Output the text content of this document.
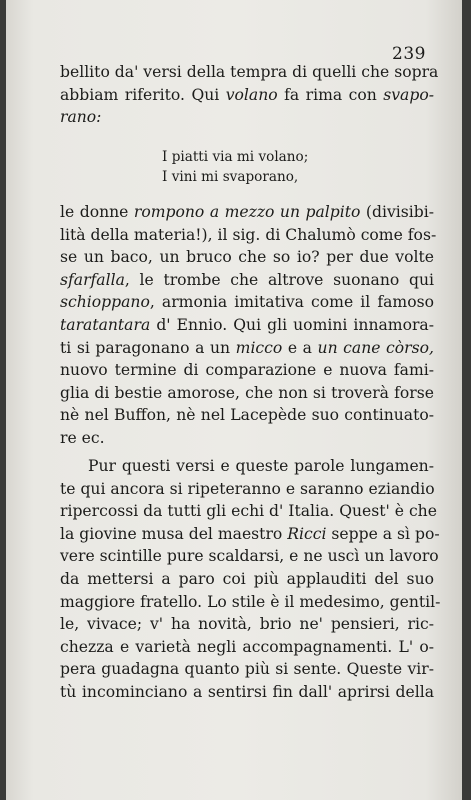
239
bellito da' versi della tempra di quelli che sopra
abbiam riferito. Qui volano fa rima con svapo-
rano:
I piatti via mi volano;
I vini mi svaporano,
le donne rompono a mezzo un palpito (divisibi-
lità della materia!), il sig. di Chalumò come fos-
se un baco, un bruco che so io? per due volte
sfarfalla, le trombe che altrove suonano qui
schioppano, armonia imitativa come il famoso
taratantara d' Ennio. Qui gli uomini innamora-
ti si paragonano a un micco e a un cane còrso,
nuovo termine di comparazione e nuova fami-
glia di bestie amorose, che non si troverà forse
nè nel Buffon, nè nel Lacepède suo continuato-
re ec.
Pur questi versi e queste parole lungamen-
te qui ancora si ripeteranno e saranno eziandio
ripercossi da tutti gli echi d' Italia. Quest' è che
la giovine musa del maestro Ricci seppe a sì po-
vere scintille pure scaldarsi, e ne uscì un lavoro
da mettersi a paro coi più applauditi del suo
maggiore fratello. Lo stile è il medesimo, gentil-
le, vivace; v' ha novità, brio ne' pensieri, ric-
chezza e varietà negli accompagnamenti. L' o-
pera guadagna quanto più si sente. Queste vir-
tù incominciano a sentirsi fin dall' aprirsi della
